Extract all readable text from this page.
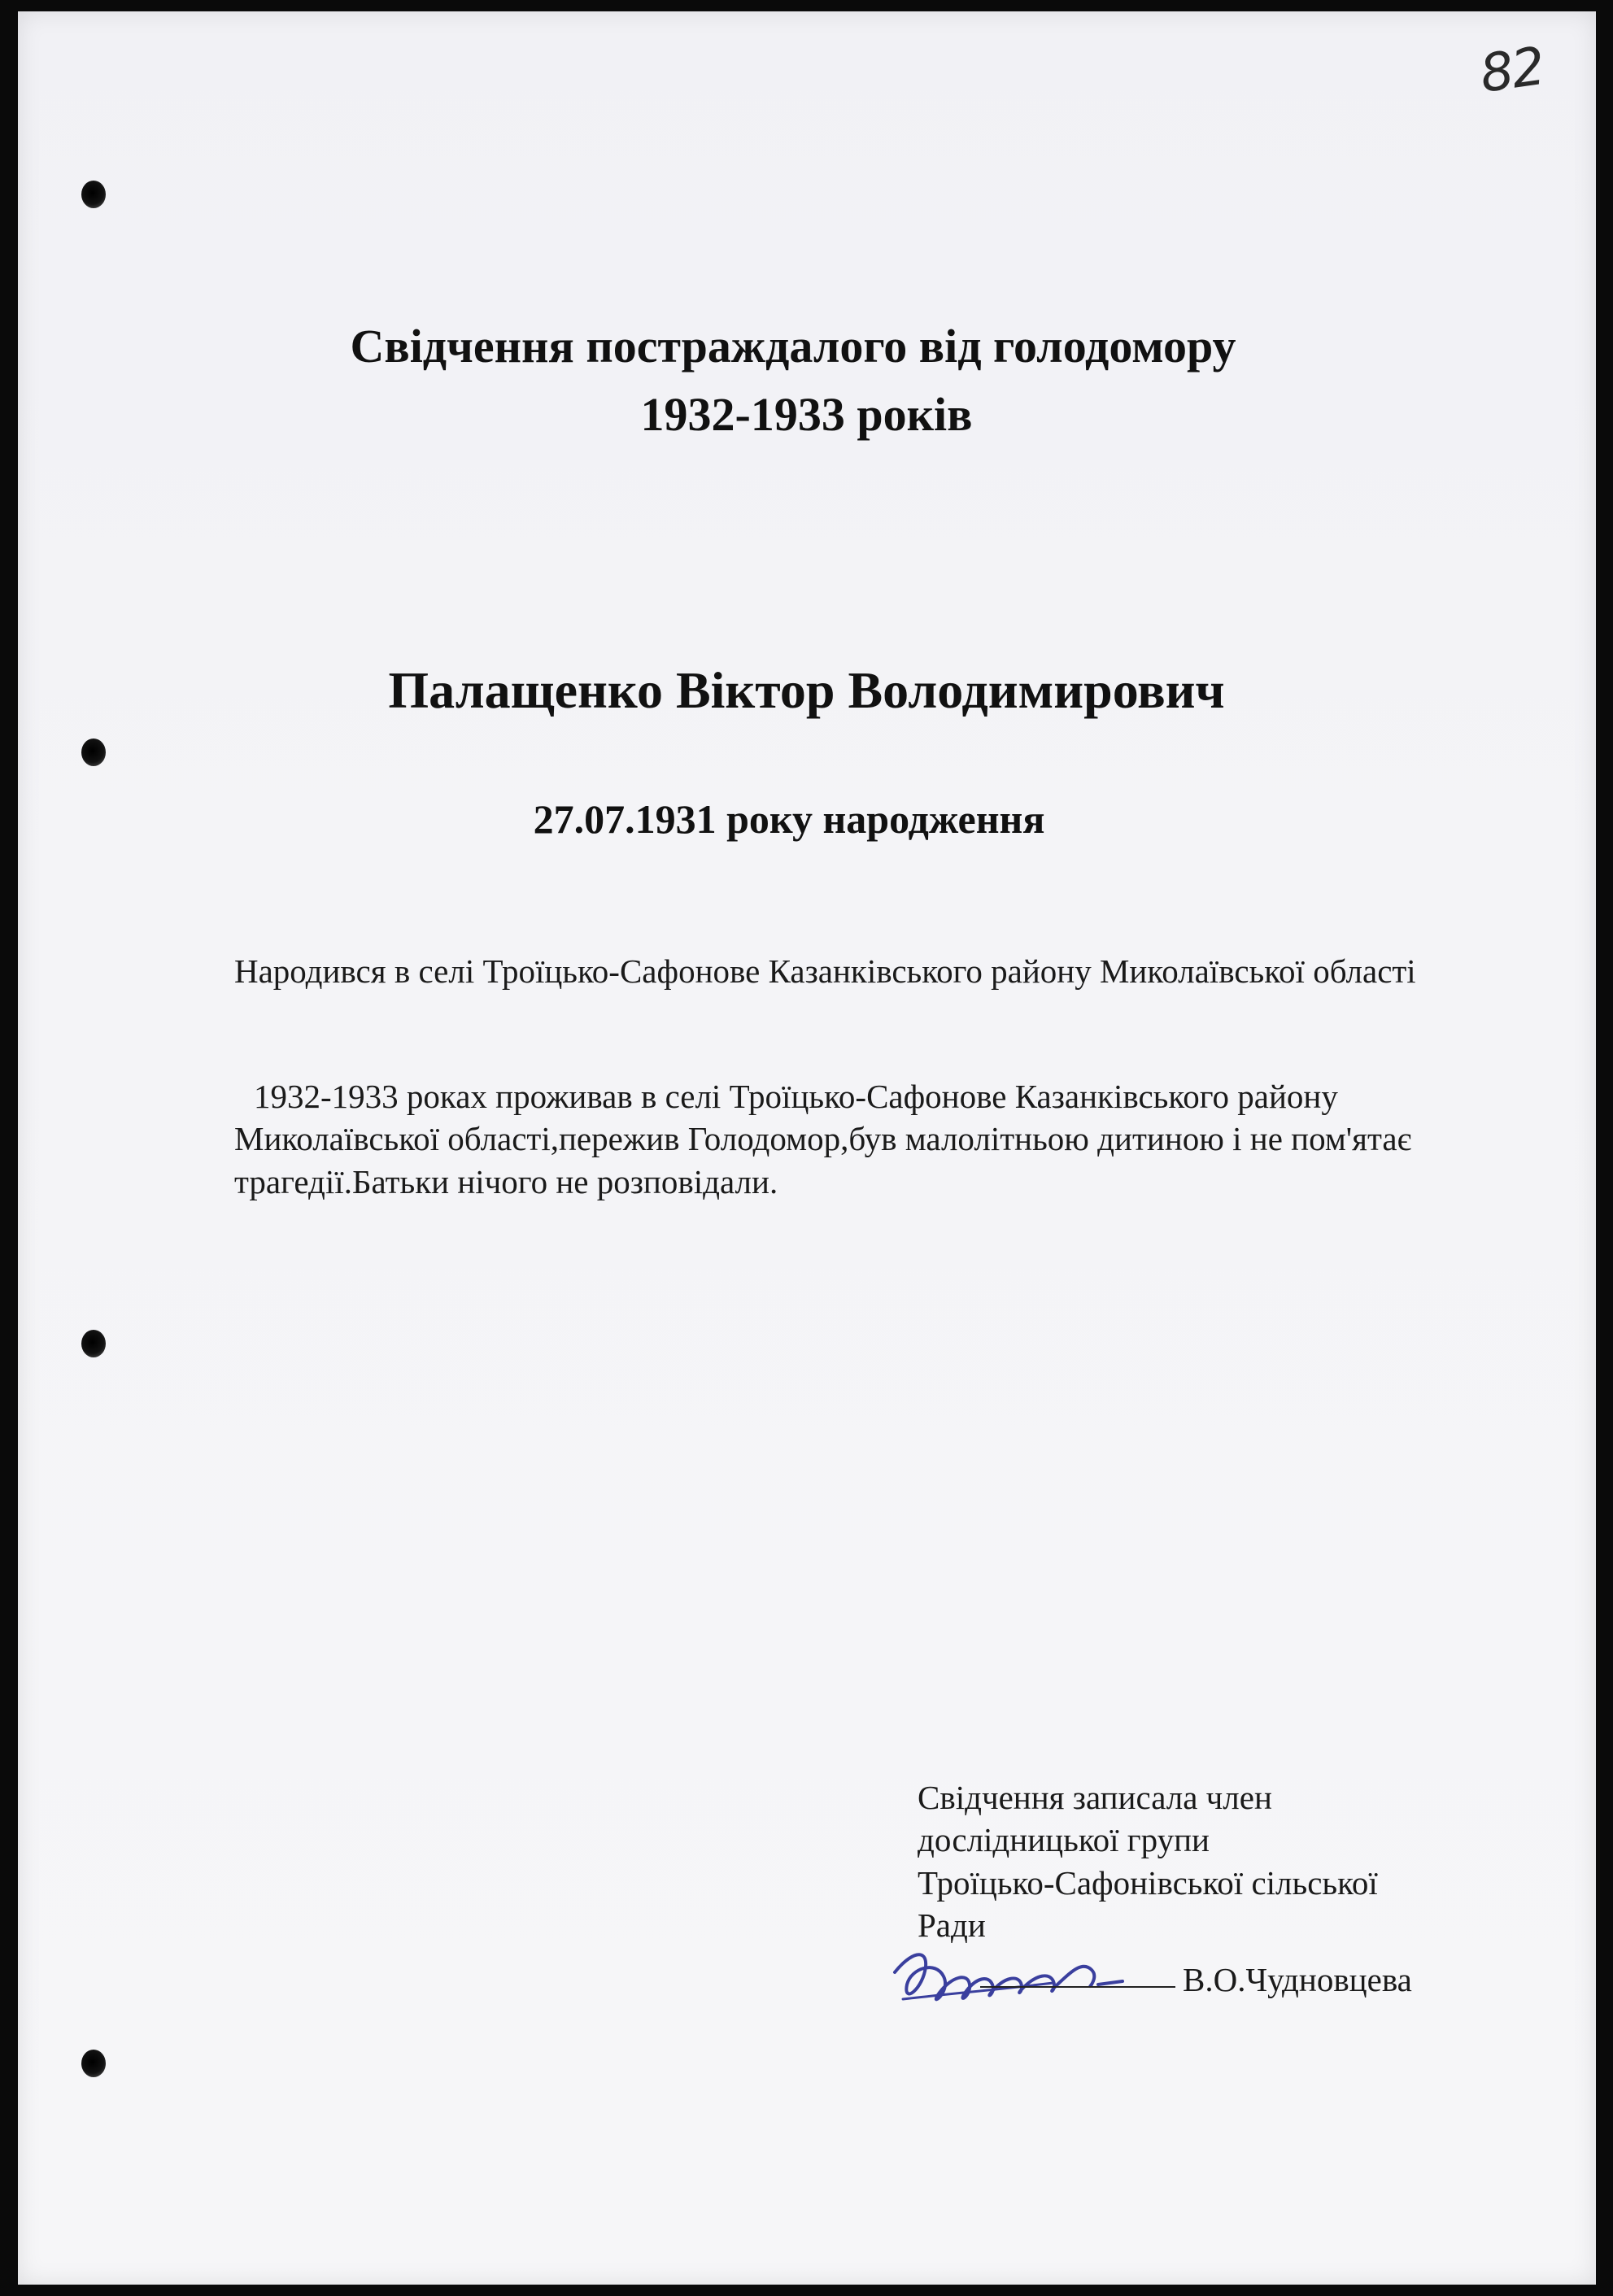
82
Свідчення постраждалого від голодомору
1932-1933 років
Палащенко Віктор Володимирович
27.07.1931 року народження
Народився в селі Троїцько-Сафонове Казанківського району Миколаївської області
1932-1933 роках проживав в селі Троїцько-Сафонове Казанківського району Миколаївської області,пережив Голодомор,був малолітньою дитиною і не пом'ятає трагедії.Батьки нічого не розповідали.
Свідчення записала член
дослідницької групи
Троїцько-Сафонівської сільської
Ради
В.О.Чудновцева
